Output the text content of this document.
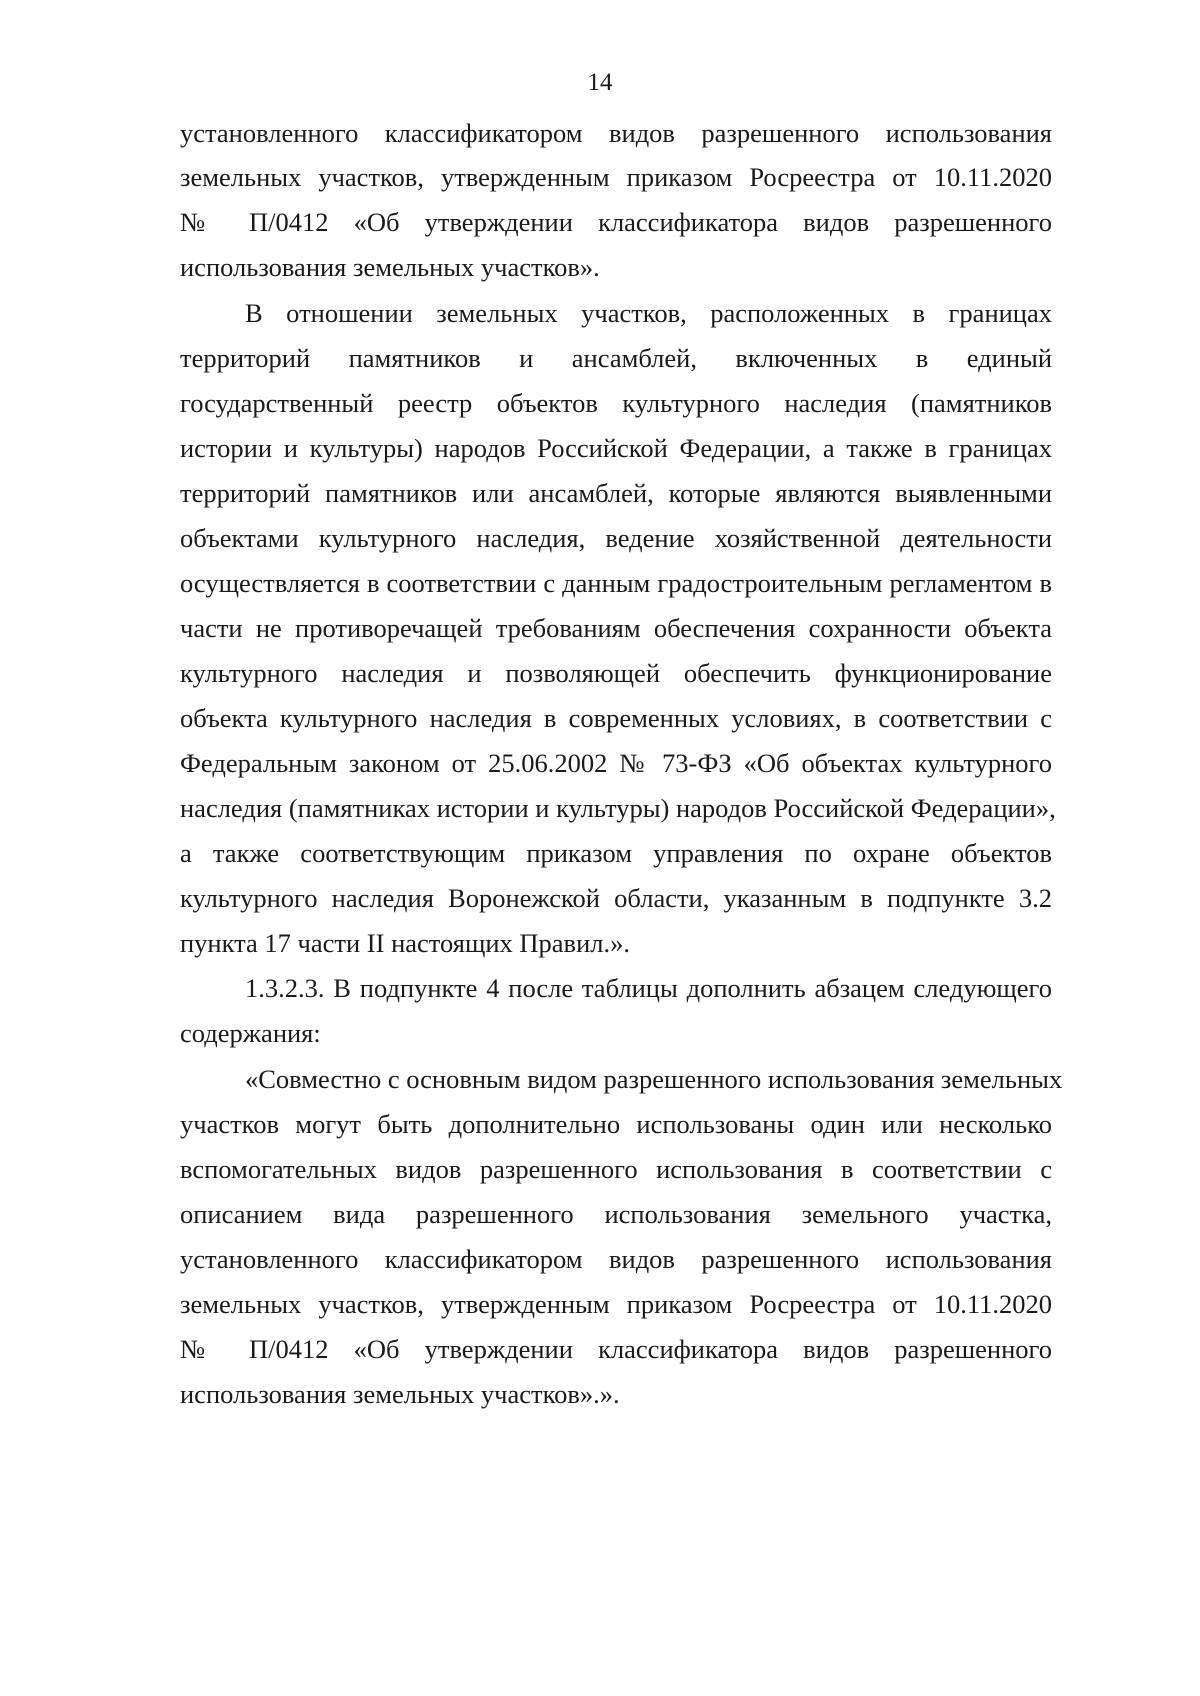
14
установленного классификатором видов разрешенного использования
земельных участков, утвержденным приказом Росреестра от 10.11.2020
№ П/0412 «Об утверждении классификатора видов разрешенного
использования земельных участков».
В отношении земельных участков, расположенных в границах
территорий памятников и ансамблей, включенных в единый
государственный реестр объектов культурного наследия (памятников
истории и культуры) народов Российской Федерации, а также в границах
территорий памятников или ансамблей, которые являются выявленными
объектами культурного наследия, ведение хозяйственной деятельности
осуществляется в соответствии с данным градостроительным регламентом в
части не противоречащей требованиям обеспечения сохранности объекта
культурного наследия и позволяющей обеспечить функционирование
объекта культурного наследия в современных условиях, в соответствии с
Федеральным законом от 25.06.2002 № 73-ФЗ «Об объектах культурного
наследия (памятниках истории и культуры) народов Российской Федерации»,
а также соответствующим приказом управления по охране объектов
культурного наследия Воронежской области, указанным в подпункте 3.2
пункта 17 части II настоящих Правил.».
1.3.2.3. В подпункте 4 после таблицы дополнить абзацем следующего
содержания:
«Совместно с основным видом разрешенного использования земельных
участков могут быть дополнительно использованы один или несколько
вспомогательных видов разрешенного использования в соответствии с
описанием вида разрешенного использования земельного участка,
установленного классификатором видов разрешенного использования
земельных участков, утвержденным приказом Росреестра от 10.11.2020
№ П/0412 «Об утверждении классификатора видов разрешенного
использования земельных участков».».
